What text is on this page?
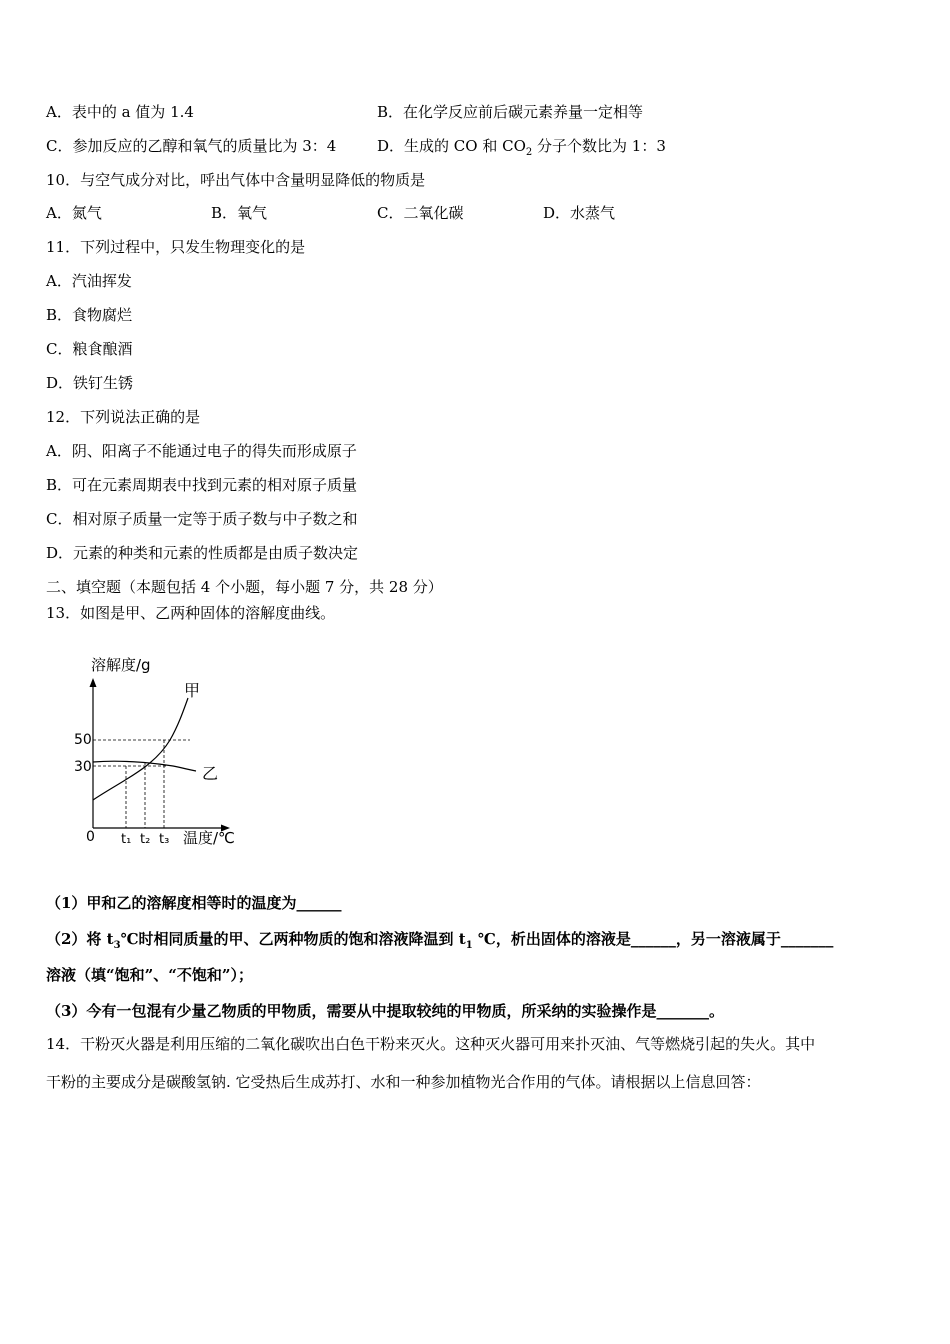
A．表中的 a 值为 1.4	B．在化学反应前后碳元素养量一定相等
C．参加反应的乙醇和氧气的质量比为 3：4	D．生成的 CO 和 $CO_2$ 分子个数比为 1：3
10．与空气成分对比，呼出气体中含量明显降低的物质是
A．氮气	B．氧气	C．二氧化碳	D．水蒸气
11．下列过程中，只发生物理变化的是
A．汽油挥发
B．食物腐烂
C．粮食酿酒
D．铁钉生锈
12．下列说法正确的是
A．阴、阳离子不能通过电子的得失而形成原子
B．可在元素周期表中找到元素的相对原子质量
C．相对原子质量一定等于质子数与中子数之和
D．元素的种类和元素的性质都是由质子数决定
二、填空题（本题包括 4 个小题，每小题 7 分，共 28 分）
13．如图是甲、乙两种固体的溶解度曲线。
溶解度/g
甲
乙
50
30
0 t₁ t₂ t₃ 温度/℃
（1）甲和乙的溶解度相等时的温度为______
（2）将 $t_3℃$时相同质量的甲、乙两种物质的饱和溶液降温到 $t_1$ ℃，析出固体的溶液是______，另一溶液属于_______
溶液（填“饱和”、“不饱和”）；
（3）今有一包混有少量乙物质的甲物质，需要从中提取较纯的甲物质，所采纳的实验操作是_______。
14．干粉灭火器是利用压缩的二氧化碳吹出白色干粉来灭火。这种灭火器可用来扑灭油、气等燃烧引起的失火。其中
干粉的主要成分是碳酸氢钠. 它受热后生成苏打、水和一种参加植物光合作用的气体。请根据以上信息回答：
